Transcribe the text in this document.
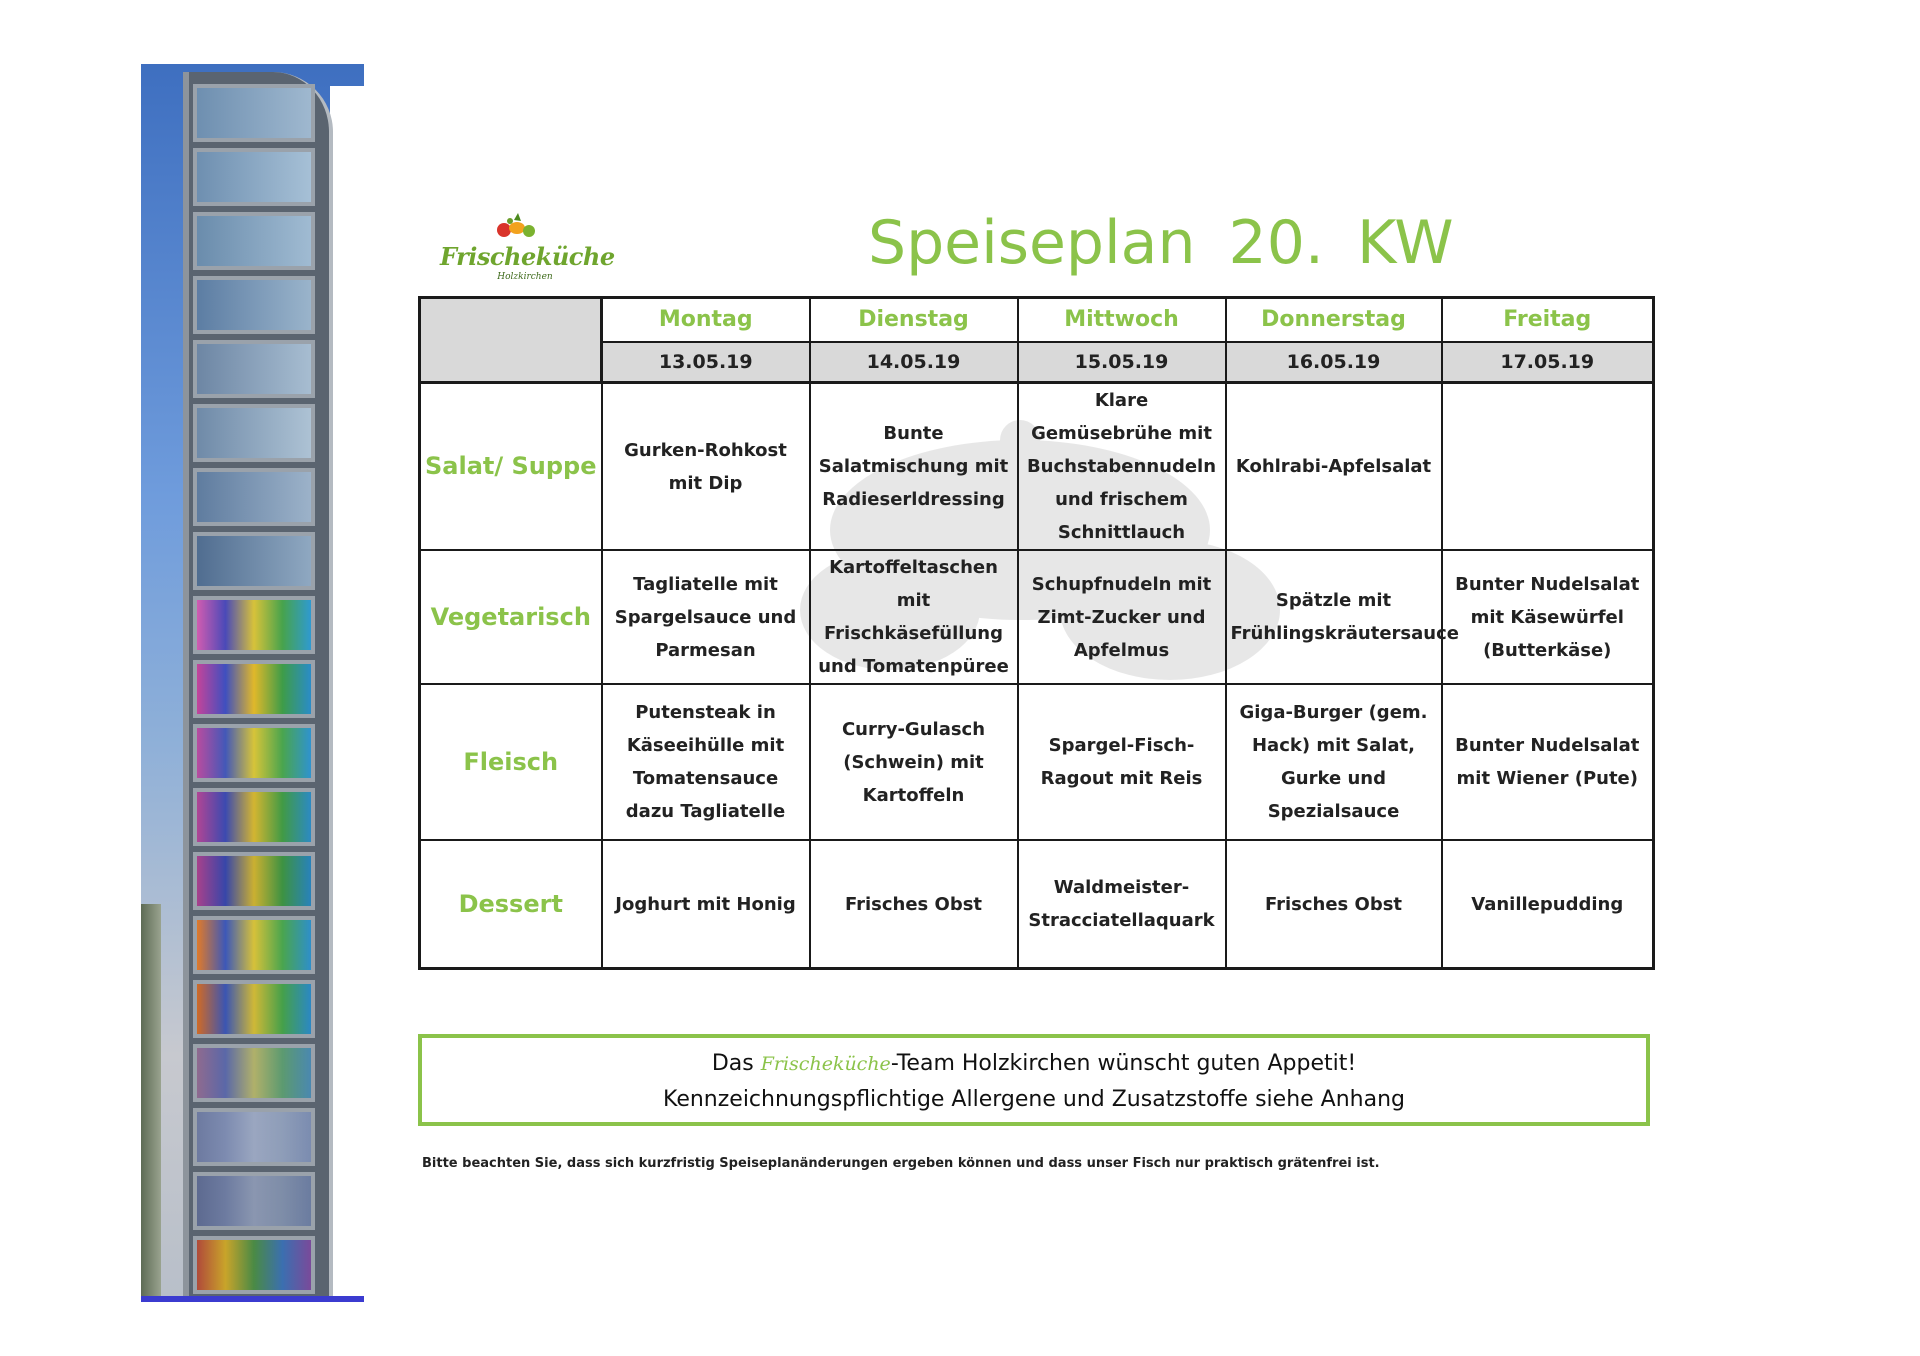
Frischeküche
Holzkirchen	Speiseplan 20. KW
	Montag	Dienstag	Mittwoch	Donnerstag	Freitag
	13.05.19	14.05.19	15.05.19	16.05.19	17.05.19
Salat/ Suppe	Gurken-Rohkost mit Dip	Bunte Salatmischung mit Radieserldressing	Klare Gemüsebrühe mit Buchstabennudeln und frischem Schnittlauch	Kohlrabi-Apfelsalat	
Vegetarisch	Tagliatelle mit Spargelsauce und Parmesan	Kartoffeltaschen mit Frischkäsefüllung und Tomatenpüree	Schupfnudeln mit Zimt-Zucker und Apfelmus	Spätzle mit Frühlingskräutersauce	Bunter Nudelsalat mit Käsewürfel (Butterkäse)
Fleisch	Putensteak in Käseeihülle mit Tomatensauce dazu Tagliatelle	Curry-Gulasch (Schwein) mit Kartoffeln	Spargel-Fisch-Ragout mit Reis	Giga-Burger (gem. Hack) mit Salat, Gurke und Spezialsauce	Bunter Nudelsalat mit Wiener (Pute)
Dessert	Joghurt mit Honig	Frisches Obst	Waldmeister-Stracciatellaquark	Frisches Obst	Vanillepudding
Das Frischeküche-Team Holzkirchen wünscht guten Appetit!
Kennzeichnungspflichtige Allergene und Zusatzstoffe siehe Anhang
Bitte beachten Sie, dass sich kurzfristig Speiseplanänderungen ergeben können und dass unser Fisch nur praktisch grätenfrei ist.
